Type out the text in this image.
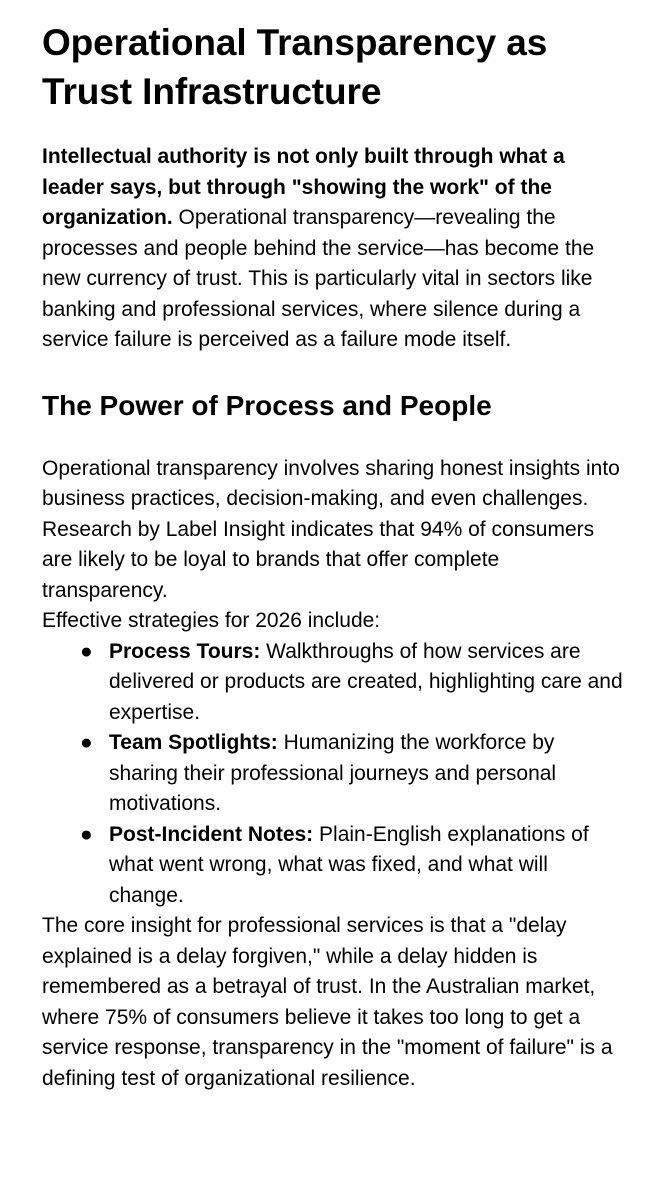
Operational Transparency as Trust Infrastructure

Intellectual authority is not only built through what a leader says, but through "showing the work" of the organization. Operational transparency—revealing the processes and people behind the service—has become the new currency of trust. This is particularly vital in sectors like banking and professional services, where silence during a service failure is perceived as a failure mode itself.

The Power of Process and People

Operational transparency involves sharing honest insights into business practices, decision-making, and even challenges.

Research by Label Insight indicates that 94% of consumers are likely to be loyal to brands that offer complete transparency.

Effective strategies for 2026 include:

● Process Tours: Walkthroughs of how services are delivered or products are created, highlighting care and expertise.
● Team Spotlights: Humanizing the workforce by sharing their professional journeys and personal motivations.
● Post-Incident Notes: Plain-English explanations of what went wrong, what was fixed, and what will change.

The core insight for professional services is that a "delay explained is a delay forgiven," while a delay hidden is remembered as a betrayal of trust. In the Australian market, where 75% of consumers believe it takes too long to get a service response, transparency in the "moment of failure" is a defining test of organizational resilience.
